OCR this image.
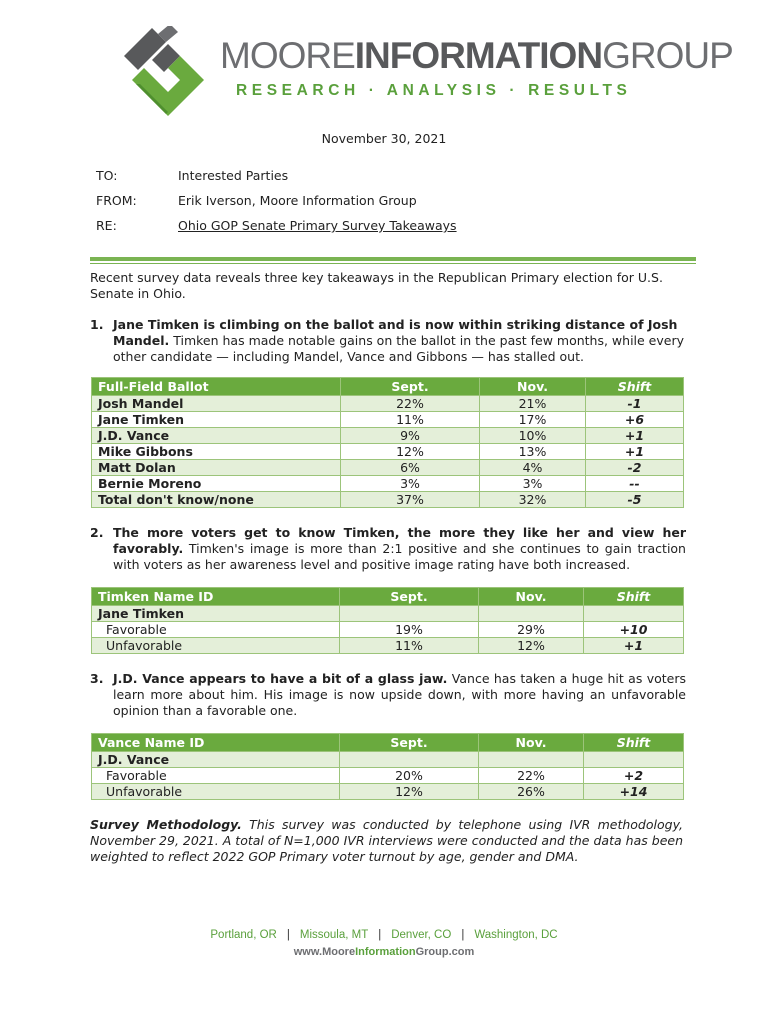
MOOREINFORMATIONGROUP
RESEARCH · ANALYSIS · RESULTS
November 30, 2021
TO:	Interested Parties
FROM:	Erik Iverson, Moore Information Group
RE:	Ohio GOP Senate Primary Survey Takeaways
Recent survey data reveals three key takeaways in the Republican Primary election for U.S. Senate in Ohio.
1. Jane Timken is climbing on the ballot and is now within striking distance of Josh Mandel. Timken has made notable gains on the ballot in the past few months, while every other candidate — including Mandel, Vance and Gibbons — has stalled out.
Full-Field Ballot	Sept.	Nov.	Shift
Josh Mandel	22%	21%	-1
Jane Timken	11%	17%	+6
J.D. Vance	9%	10%	+1
Mike Gibbons	12%	13%	+1
Matt Dolan	6%	4%	-2
Bernie Moreno	3%	3%	--
Total don't know/none	37%	32%	-5
2. The more voters get to know Timken, the more they like her and view her favorably. Timken's image is more than 2:1 positive and she continues to gain traction with voters as her awareness level and positive image rating have both increased.
Timken Name ID	Sept.	Nov.	Shift
Jane Timken			
Favorable	19%	29%	+10
Unfavorable	11%	12%	+1
3. J.D. Vance appears to have a bit of a glass jaw. Vance has taken a huge hit as voters learn more about him. His image is now upside down, with more having an unfavorable opinion than a favorable one.
Vance Name ID	Sept.	Nov.	Shift
J.D. Vance			
Favorable	20%	22%	+2
Unfavorable	12%	26%	+14
Survey Methodology. This survey was conducted by telephone using IVR methodology, November 29, 2021. A total of N=1,000 IVR interviews were conducted and the data has been weighted to reflect 2022 GOP Primary voter turnout by age, gender and DMA.
Portland, OR | Missoula, MT | Denver, CO | Washington, DC
www.MooreInformationGroup.com
